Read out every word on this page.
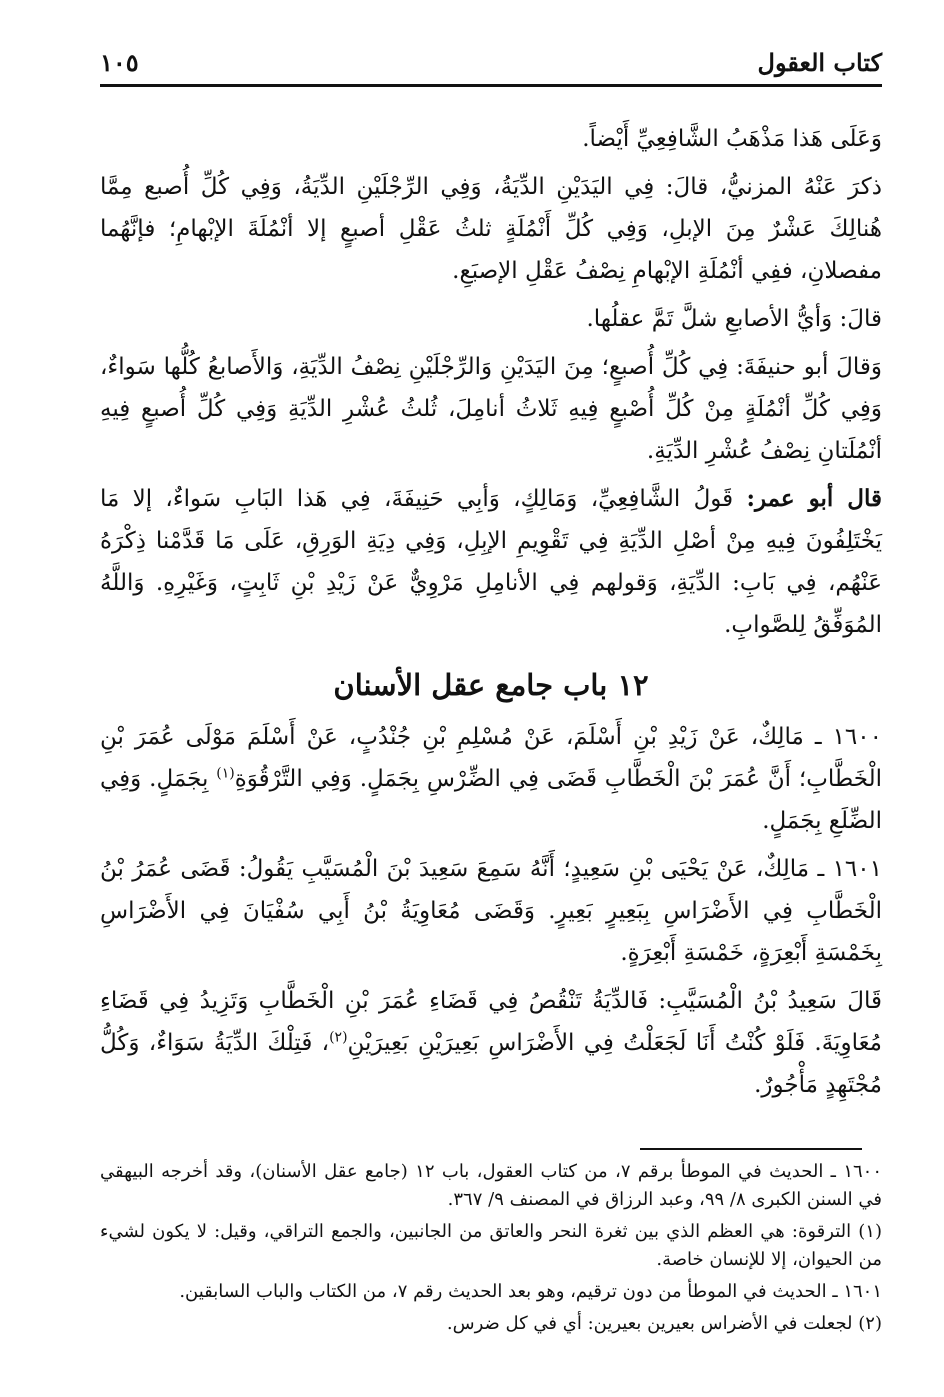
كتاب العقول
١٠٥

وَعَلَى هَذا مَذْهَبُ الشَّافِعِيِّ أَيْضاً.

ذكرَ عَنْهُ المزنيُّ، قالَ: فِي اليَدَيْنِ الدِّيَةُ، وَفِي الرِّجْلَيْنِ الدِّيَةُ، وَفِي كُلِّ أُصبع مِمَّا هُنالِكَ عَشْرٌ مِنَ الإبلِ، وَفِي كُلِّ أَنْمُلَةٍ ثلثُ عَقْلِ أصبعٍ إلا أنْمُلَةَ الإبْهامِ؛ فإنَّهُما مفصلانِ، ففِي أنْمُلَةِ الإبْهامِ نِصْفُ عَقْلِ الإصبَعِ.

قالَ: وَأيُّ الأصابعِ شلَّ تَمَّ عقلُها.

وَقالَ أبو حنيفَةَ: فِي كُلِّ أُصبعٍ؛ مِنَ اليَدَيْنِ وَالرِّجْلَيْنِ نِصْفُ الدِّيَةِ، وَالأَصابعُ كُلُّها سَواءٌ، وَفِي كُلِّ أنْمُلَةٍ مِنْ كُلِّ أُصْبعٍ فِيهِ ثَلاثُ أنامِلَ، ثُلثُ عُشْرِ الدِّيَةِ وَفِي كُلِّ أُصبعٍ فِيهِ أنْمُلَتانِ نِصْفُ عُشْرِ الدِّيَةِ.

قال أبو عمر: قَولُ الشَّافِعِيِّ، وَمَالِكٍ، وَأبِي حَنِيفَةَ، فِي هَذا البَابِ سَواءٌ، إلا مَا يَخْتَلِفُونَ فِيهِ مِنْ أصْلِ الدِّيَةِ فِي تَقْوِيمِ الإبِلِ، وَفِي دِيَةِ الوَرِقِ، عَلَى مَا قَدَّمْنا ذِكْرَهُ عَنْهُم، فِي بَابِ: الدِّيَةِ، وَقولهم فِي الأنامِلِ مَرْوِيٌّ عَنْ زَيْدِ بْنِ ثَابِتٍ، وَغَيْرِهِ. وَاللَّهُ المُوَفِّقُ لِلصَّوابِ.

١٢ باب جامع عقل الأسنان

١٦٠٠ ـ مَالِكٌ، عَنْ زَيْدِ بْنِ أَسْلَمَ، عَنْ مُسْلِمِ بْنِ جُنْدُبٍ، عَنْ أَسْلَمَ مَوْلَى عُمَرَ بْنِ الْخَطَّابِ؛ أَنَّ عُمَرَ بْنَ الْخَطَّابِ قَضَى فِي الضِّرْسِ بِجَمَلٍ. وَفِي التَّرْقُوَةِ$^{(١)}$ بِجَمَلٍ. وَفِي الضِّلَعِ بِجَمَلٍ.

١٦٠١ ـ مَالِكٌ، عَنْ يَحْيَى بْنِ سَعِيدٍ؛ أَنَّهُ سَمِعَ سَعِيدَ بْنَ الْمُسَيَّبِ يَقُولُ: قَضَى عُمَرُ بْنُ الْخَطَّابِ فِي الأَضْرَاسِ بِبَعِيرٍ بَعِيرٍ. وَقَضَى مُعَاوِيَةُ بْنُ أَبِي سُفْيَانَ فِي الأَضْرَاسِ بِخَمْسَةِ أَبْعِرَةٍ، خَمْسَةِ أَبْعِرَةٍ.

قَالَ سَعِيدُ بْنُ الْمُسَيَّبِ: فَالدِّيَةُ تَنْقُصُ فِي قَضَاءِ عُمَرَ بْنِ الْخَطَّابِ وَتَزِيدُ فِي قَضَاءِ مُعَاوِيَةَ. فَلَوْ كُنْتُ أَنَا لَجَعَلْتُ فِي الأَضْرَاسِ بَعِيرَيْنِ بَعِيرَيْنِ$^{(٢)}$، فَتِلْكَ الدِّيَةُ سَوَاءٌ، وَكُلُّ مُجْتَهِدٍ مَأْجُورٌ.

١٦٠٠ ـ الحديث في الموطأ برقم ٧، من كتاب العقول، باب ١٢ (جامع عقل الأسنان)، وقد أخرجه البيهقي في السنن الكبرى ٨/ ٩٩، وعبد الرزاق في المصنف ٩/ ٣٦٧.

(١) الترقوة: هي العظم الذي بين ثغرة النحر والعاتق من الجانبين، والجمع التراقي، وقيل: لا يكون لشيء من الحيوان، إلا للإنسان خاصة.

١٦٠١ ـ الحديث في الموطأ من دون ترقيم، وهو بعد الحديث رقم ٧، من الكتاب والباب السابقين.

(٢) لجعلت في الأضراس بعيرين بعيرين: أي في كل ضرس.
